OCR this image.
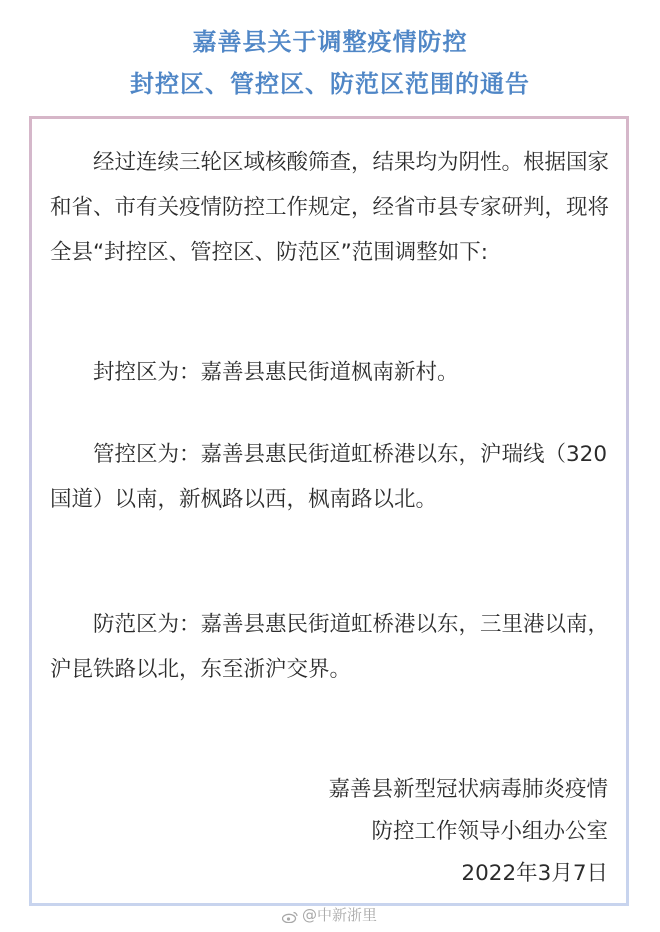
嘉善县关于调整疫情防控
封控区、管控区、防范区范围的通告
经过连续三轮区域核酸筛查，结果均为阴性。根据国家和省、市有关疫情防控工作规定，经省市县专家研判，现将全县“封控区、管控区、防范区”范围调整如下:
封控区为：嘉善县惠民街道枫南新村。
管控区为：嘉善县惠民街道虹桥港以东，沪瑞线（320国道）以南，新枫路以西，枫南路以北。
防范区为：嘉善县惠民街道虹桥港以东，三里港以南，沪昆铁路以北，东至浙沪交界。
嘉善县新型冠状病毒肺炎疫情
防控工作领导小组办公室
2022年3月7日
@中新浙里
